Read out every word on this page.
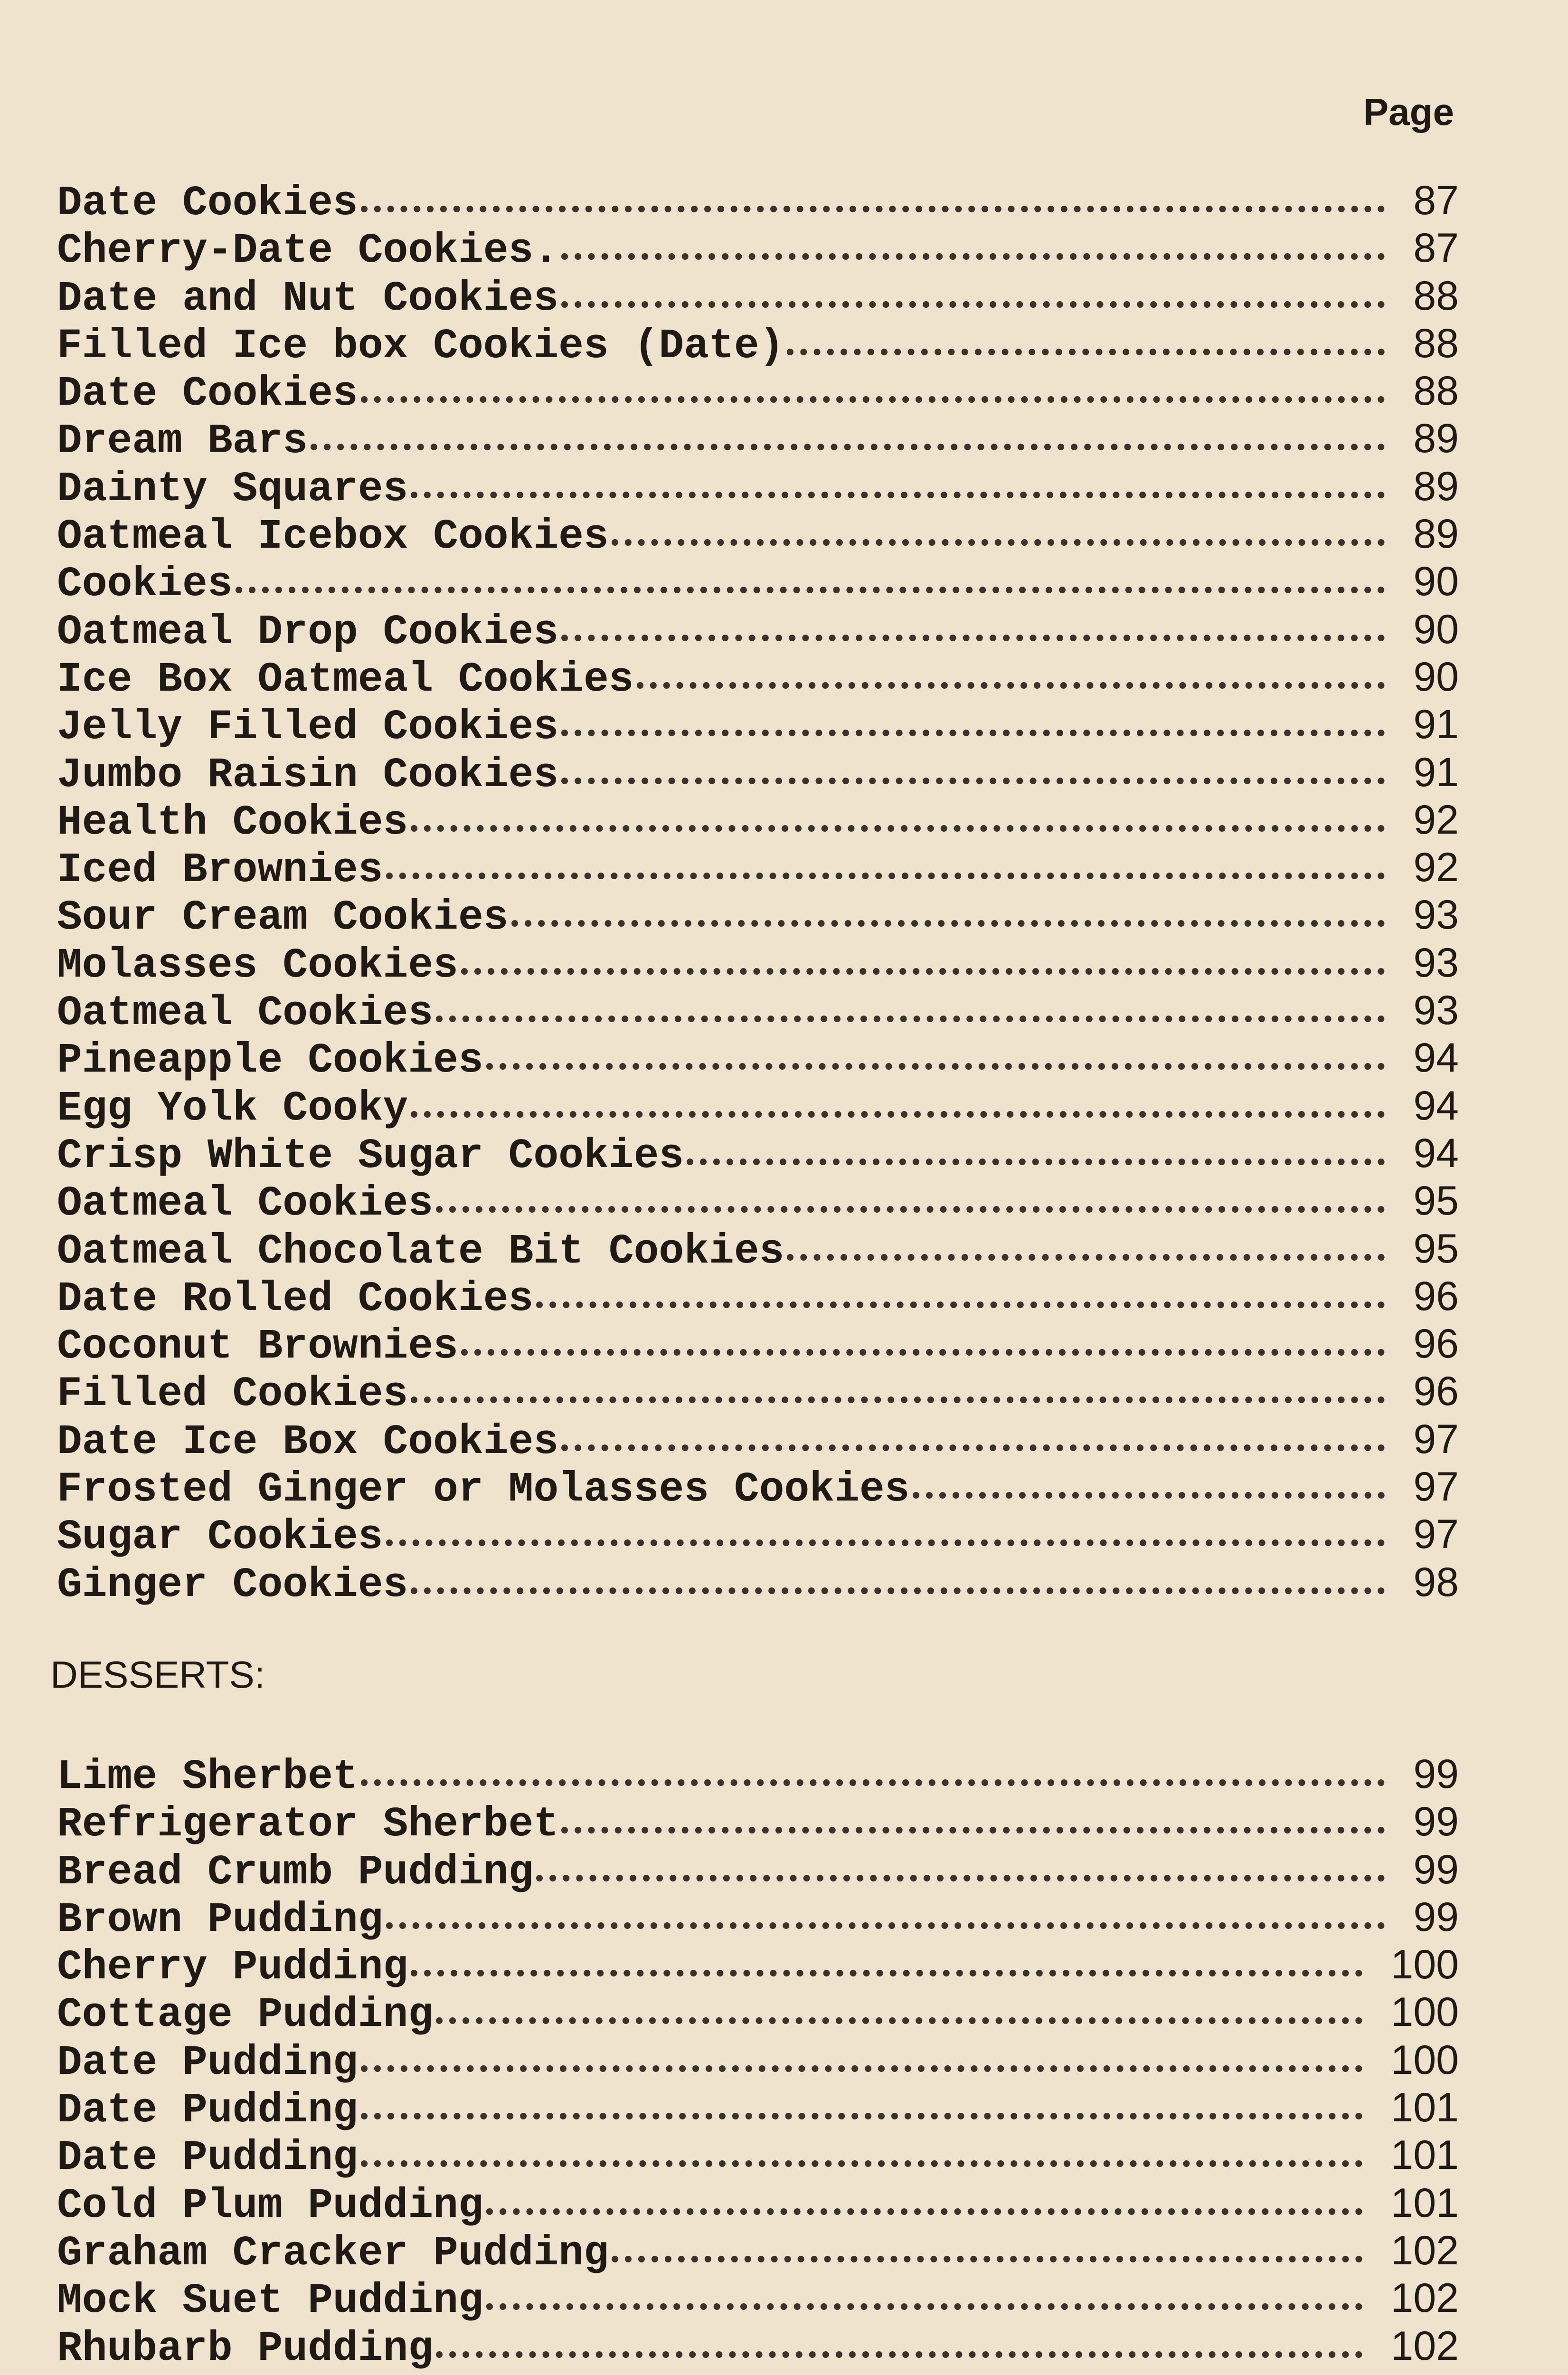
Page
Date Cookies	87
Cherry-Date Cookies.	87
Date and Nut Cookies	88
Filled Ice box Cookies (Date)	88
Date Cookies	88
Dream Bars	89
Dainty Squares	89
Oatmeal Icebox Cookies	89
Cookies	90
Oatmeal Drop Cookies	90
Ice Box Oatmeal Cookies	90
Jelly Filled Cookies	91
Jumbo Raisin Cookies	91
Health Cookies	92
Iced Brownies	92
Sour Cream Cookies	93
Molasses Cookies	93
Oatmeal Cookies	93
Pineapple Cookies	94
Egg Yolk Cooky	94
Crisp White Sugar Cookies	94
Oatmeal Cookies	95
Oatmeal Chocolate Bit Cookies	95
Date Rolled Cookies	96
Coconut Brownies	96
Filled Cookies	96
Date Ice Box Cookies	97
Frosted Ginger or Molasses Cookies	97
Sugar Cookies	97
Ginger Cookies	98
DESSERTS:
Lime Sherbet	99
Refrigerator Sherbet	99
Bread Crumb Pudding	99
Brown Pudding	99
Cherry Pudding	100
Cottage Pudding	100
Date Pudding	100
Date Pudding	101
Date Pudding	101
Cold Plum Pudding	101
Graham Cracker Pudding	102
Mock Suet Pudding	102
Rhubarb Pudding	102
